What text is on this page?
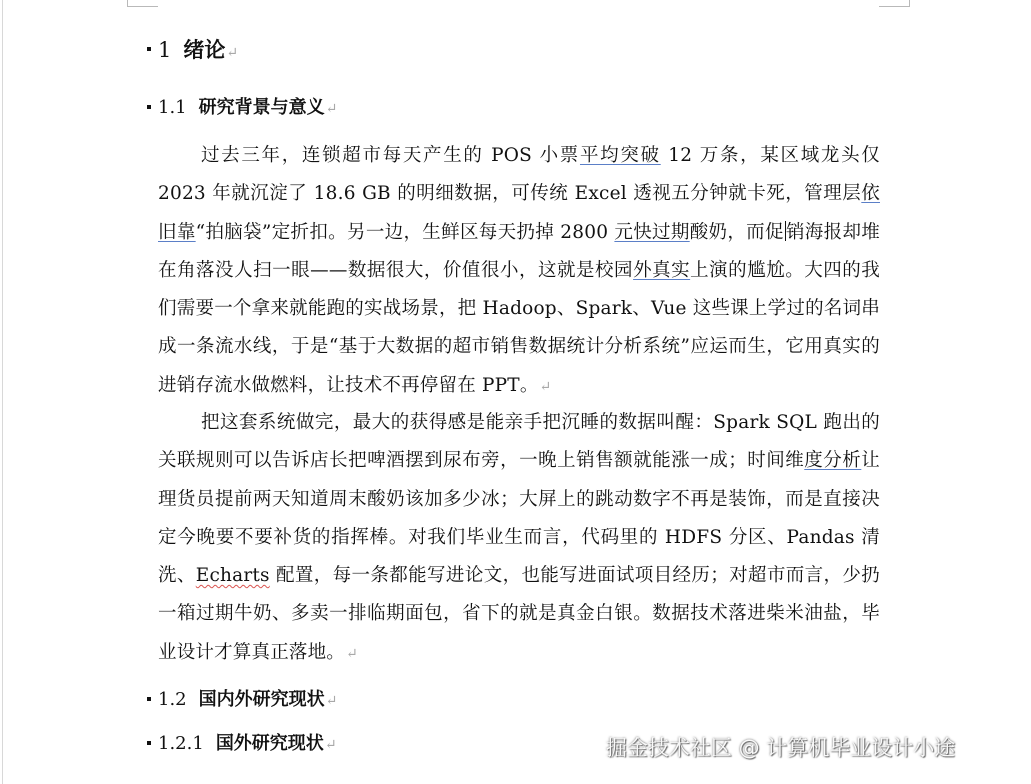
1 绪论↵
1.1 研究背景与意义↵
过去三年，连锁超市每天产生的 POS 小票平均突破 12 万条，某区域龙头仅 2023 年就沉淀了 18.6 GB 的明细数据，可传统 Excel 透视五分钟就卡死，管理层依旧靠“拍脑袋”定折扣。另一边，生鲜区每天扔掉 2800 元快过期酸奶，而促 销海报却堆在角落没人扫一眼——数据很大，价值很小，这就是校园外真实上演的尴尬。大四的我们需要一个拿来就能跑的实战场景，把 Hadoop、Spark、Vue 这些课上学过的名词串成一条流水线，于是“基于大数据的超市销售数据统计分析系统”应运而生，它用真实的进销存流水做燃料，让技术不再停留在 PPT。↵
把这套系统做完，最大的获得感是能亲手把沉睡的数据叫醒：Spark SQL 跑出的关联规则可以告诉店长把啤酒摆到尿布旁，一晚上销售额就能涨一成；时间维度分析让理货员提前两天知道周末酸奶该加多少冰；大屏上的跳动数字不再是装饰，而是直接决定今晚要不要补货的指挥棒。对我们毕业生而言，代码里的 HDFS 分区、Pandas 清洗、Echarts 配置，每一条都能写进论文，也能写进面试项目经历；对超市而言，少扔一箱过期牛奶、多卖一排临期面包，省下的就是真金白银。数据技术落进柴米油盐，毕业设计才算真正落地。↵
1.2 国内外研究现状↵
1.2.1 国外研究现状↵	掘金技术社区 @ 计算机毕业设计小途
